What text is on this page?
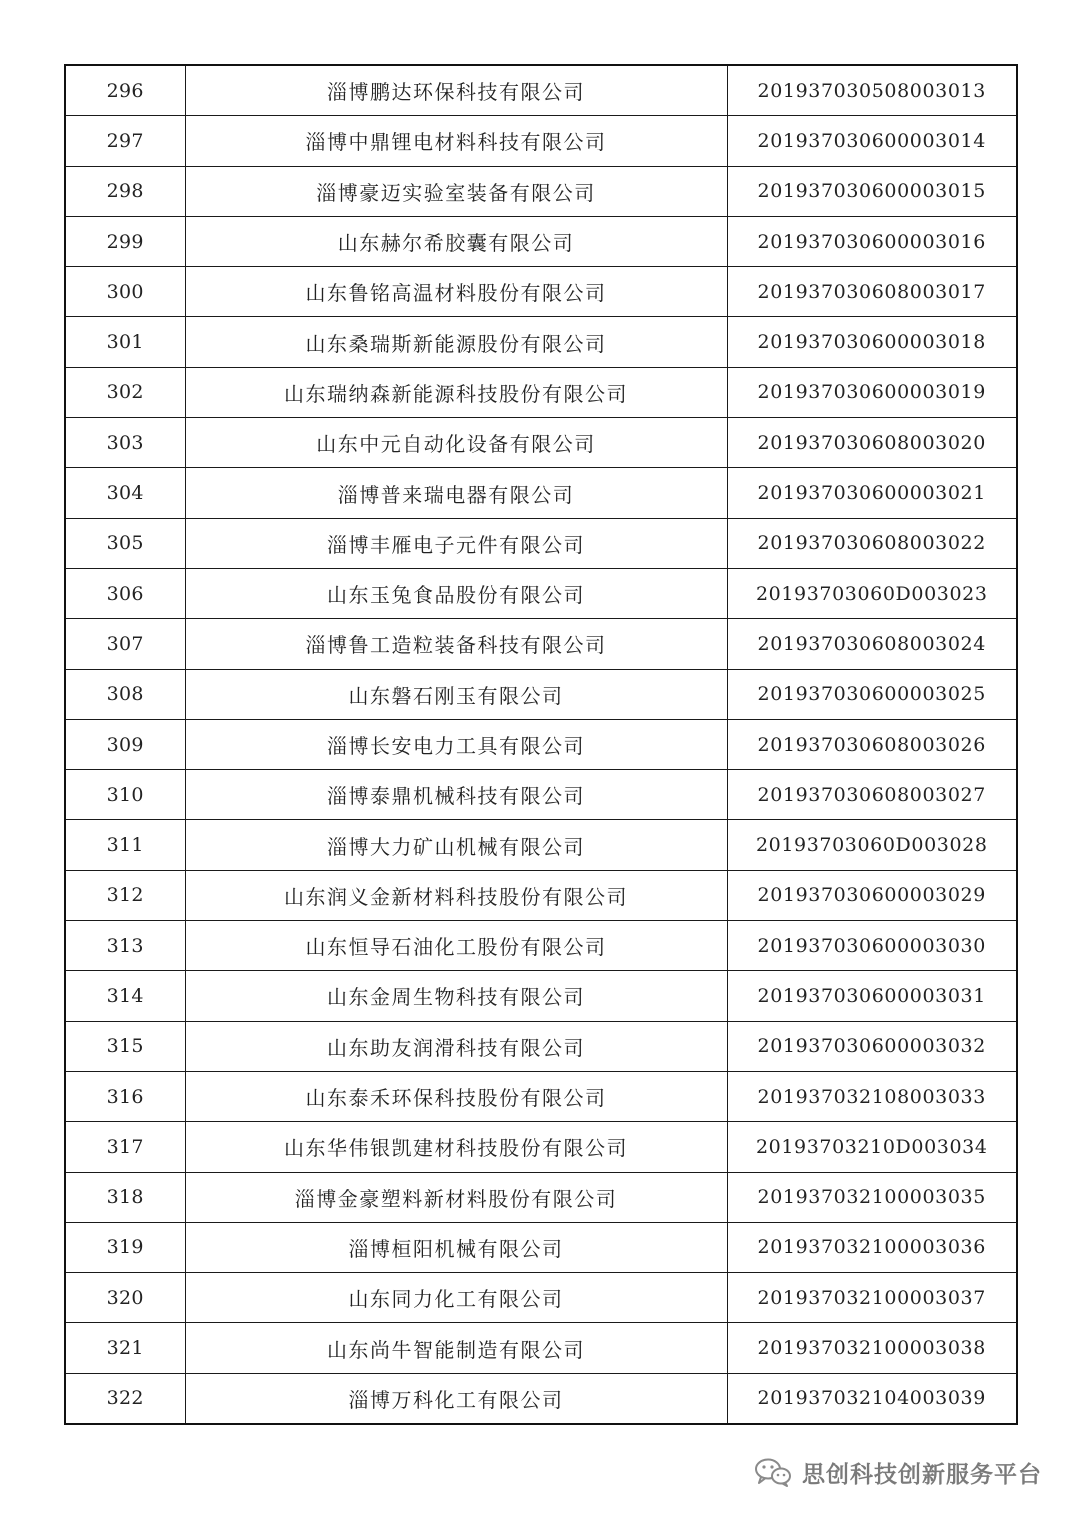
296	淄博鹏达环保科技有限公司	201937030508003013
297	淄博中鼎锂电材料科技有限公司	201937030600003014
298	淄博豪迈实验室装备有限公司	201937030600003015
299	山东赫尔希胶囊有限公司	201937030600003016
300	山东鲁铭高温材料股份有限公司	201937030608003017
301	山东桑瑞斯新能源股份有限公司	201937030600003018
302	山东瑞纳森新能源科技股份有限公司	201937030600003019
303	山东中元自动化设备有限公司	201937030608003020
304	淄博普来瑞电器有限公司	201937030600003021
305	淄博丰雁电子元件有限公司	201937030608003022
306	山东玉兔食品股份有限公司	20193703060D003023
307	淄博鲁工造粒装备科技有限公司	201937030608003024
308	山东磐石刚玉有限公司	201937030600003025
309	淄博长安电力工具有限公司	201937030608003026
310	淄博泰鼎机械科技有限公司	201937030608003027
311	淄博大力矿山机械有限公司	20193703060D003028
312	山东润义金新材料科技股份有限公司	201937030600003029
313	山东恒导石油化工股份有限公司	201937030600003030
314	山东金周生物科技有限公司	201937030600003031
315	山东助友润滑科技有限公司	201937030600003032
316	山东泰禾环保科技股份有限公司	201937032108003033
317	山东华伟银凯建材科技股份有限公司	20193703210D003034
318	淄博金豪塑料新材料股份有限公司	201937032100003035
319	淄博桓阳机械有限公司	201937032100003036
320	山东同力化工有限公司	201937032100003037
321	山东尚牛智能制造有限公司	201937032100003038
322	淄博万科化工有限公司	201937032104003039
思创科技创新服务平台
